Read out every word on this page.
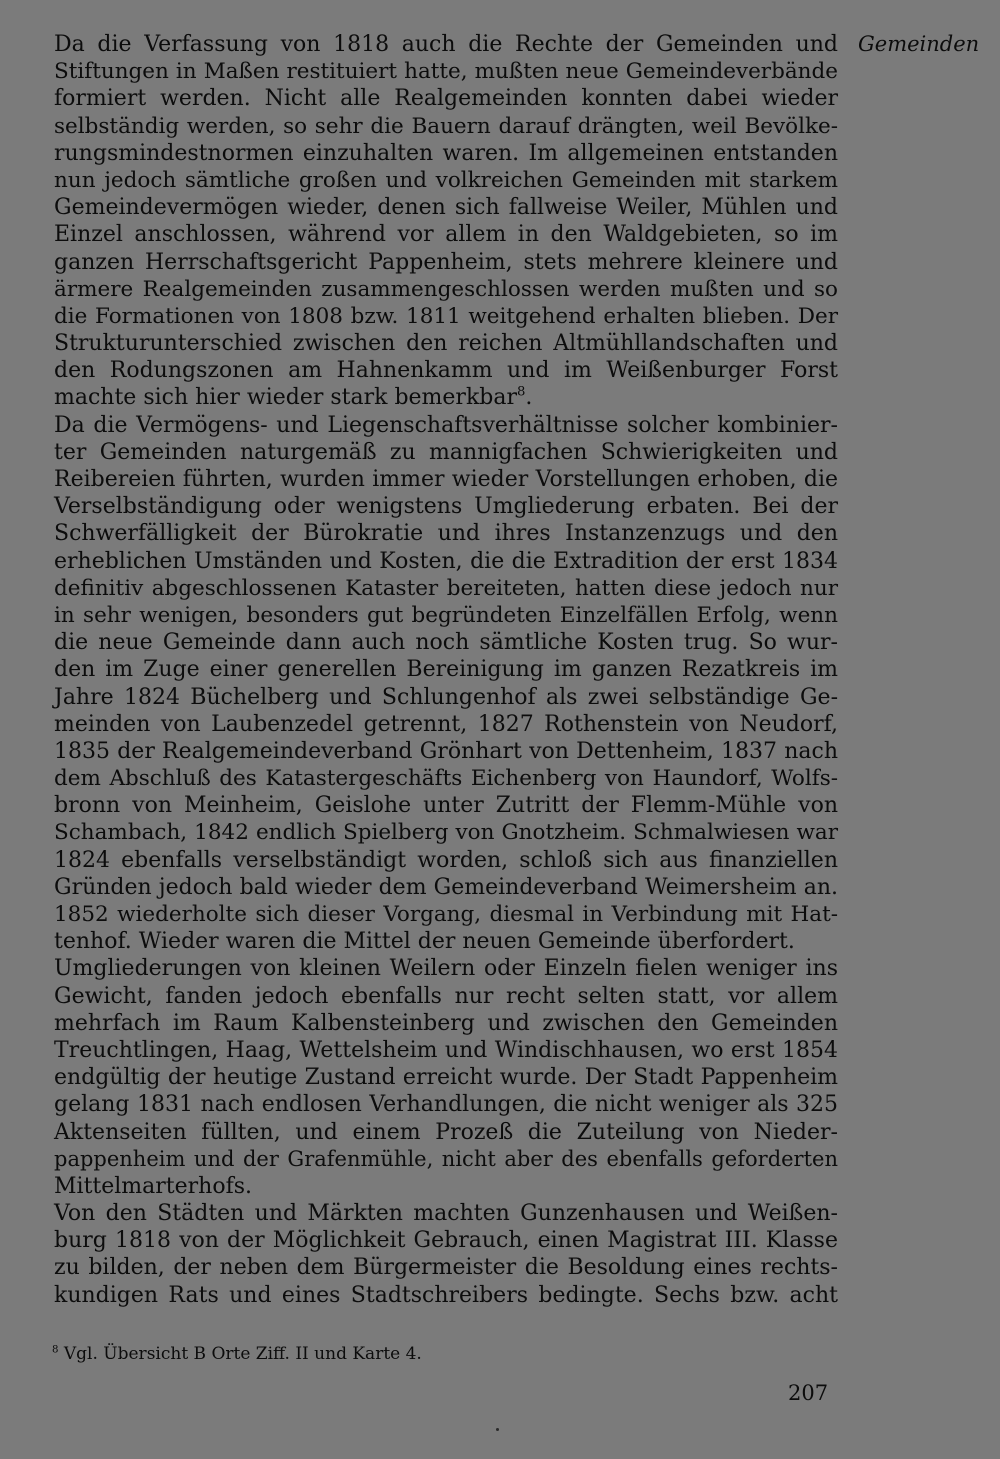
Da die Verfassung von 1818 auch die Rechte der Gemeinden und
Stiftungen in Maßen restituiert hatte, mußten neue Gemeindeverbände
formiert werden. Nicht alle Realgemeinden konnten dabei wieder
selbständig werden, so sehr die Bauern darauf drängten, weil Bevölke-
rungsmindestnormen einzuhalten waren. Im allgemeinen entstanden
nun jedoch sämtliche großen und volkreichen Gemeinden mit starkem
Gemeindevermögen wieder, denen sich fallweise Weiler, Mühlen und
Einzel anschlossen, während vor allem in den Waldgebieten, so im
ganzen Herrschaftsgericht Pappenheim, stets mehrere kleinere und
ärmere Realgemeinden zusammengeschlossen werden mußten und so
die Formationen von 1808 bzw. 1811 weitgehend erhalten blieben. Der
Strukturunterschied zwischen den reichen Altmühllandschaften und
den Rodungszonen am Hahnenkamm und im Weißenburger Forst
machte sich hier wieder stark bemerkbar$^8$.
Da die Vermögens- und Liegenschaftsverhältnisse solcher kombinier-
ter Gemeinden naturgemäß zu mannigfachen Schwierigkeiten und
Reibereien führten, wurden immer wieder Vorstellungen erhoben, die
Verselbständigung oder wenigstens Umgliederung erbaten. Bei der
Schwerfälligkeit der Bürokratie und ihres Instanzenzugs und den
erheblichen Umständen und Kosten, die die Extradition der erst 1834
definitiv abgeschlossenen Kataster bereiteten, hatten diese jedoch nur
in sehr wenigen, besonders gut begründeten Einzelfällen Erfolg, wenn
die neue Gemeinde dann auch noch sämtliche Kosten trug. So wur-
den im Zuge einer generellen Bereinigung im ganzen Rezatkreis im
Jahre 1824 Büchelberg und Schlungenhof als zwei selbständige Ge-
meinden von Laubenzedel getrennt, 1827 Rothenstein von Neudorf,
1835 der Realgemeindeverband Grönhart von Dettenheim, 1837 nach
dem Abschluß des Katastergeschäfts Eichenberg von Haundorf, Wolfs-
bronn von Meinheim, Geislohe unter Zutritt der Flemm-Mühle von
Schambach, 1842 endlich Spielberg von Gnotzheim. Schmalwiesen war
1824 ebenfalls verselbständigt worden, schloß sich aus finanziellen
Gründen jedoch bald wieder dem Gemeindeverband Weimersheim an.
1852 wiederholte sich dieser Vorgang, diesmal in Verbindung mit Hat-
tenhof. Wieder waren die Mittel der neuen Gemeinde überfordert.
Umgliederungen von kleinen Weilern oder Einzeln fielen weniger ins
Gewicht, fanden jedoch ebenfalls nur recht selten statt, vor allem
mehrfach im Raum Kalbensteinberg und zwischen den Gemeinden
Treuchtlingen, Haag, Wettelsheim und Windischhausen, wo erst 1854
endgültig der heutige Zustand erreicht wurde. Der Stadt Pappenheim
gelang 1831 nach endlosen Verhandlungen, die nicht weniger als 325
Aktenseiten füllten, und einem Prozeß die Zuteilung von Nieder-
pappenheim und der Grafenmühle, nicht aber des ebenfalls geforderten
Mittelmarterhofs.
Von den Städten und Märkten machten Gunzenhausen und Weißen-
burg 1818 von der Möglichkeit Gebrauch, einen Magistrat III. Klasse
zu bilden, der neben dem Bürgermeister die Besoldung eines rechts-
kundigen Rats und eines Stadtschreibers bedingte. Sechs bzw. acht
Gemeinden
$^8$ Vgl. Übersicht B Orte Ziff. II und Karte 4.
207
